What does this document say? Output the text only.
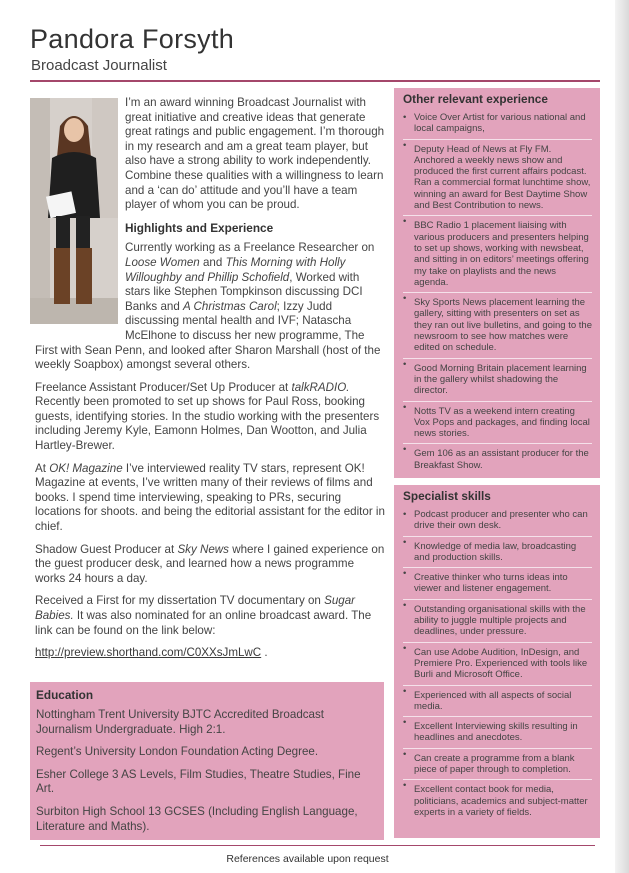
Pandora Forsyth
Broadcast Journalist

I’m an award winning Broadcast Journalist with great initiative and creative ideas that generate great ratings and public engagement. I’m thorough in my research and am a great team player, but also have a strong ability to work independently. Combine these qualities with a willingness to learn and a ‘can do’ attitude and you’ll have a team player of whom you can be proud.

Highlights and Experience

Currently working as a Freelance Researcher on Loose Women and This Morning with Holly Willoughby and Phillip Schofield, Worked with stars like Stephen Tompkinson discussing DCI Banks and A Christmas Carol; Izzy Judd discussing mental health and IVF; Natascha McElhone to discuss her new programme, The First with Sean Penn, and looked after Sharon Marshall (host of the weekly Soapbox) amongst several others.

Freelance Assistant Producer/Set Up Producer at talkRADIO. Recently been promoted to set up shows for Paul Ross, booking guests, identifying stories. In the studio working with the presenters including Jeremy Kyle, Eamonn Holmes, Dan Wootton, and Julia Hartley-Brewer.

At OK! Magazine I’ve interviewed reality TV stars, represent OK! Magazine at events, I’ve written many of their reviews of films and books. I spend time interviewing, speaking to PRs, securing locations for shoots. and being the editorial assistant for the editor in chief.

Shadow Guest Producer at Sky News where I gained experience on the guest producer desk, and learned how a news programme works 24 hours a day.

Received a First for my dissertation TV documentary on Sugar Babies. It was also nominated for an online broadcast award. The link can be found on the link below:

http://preview.shorthand.com/C0XXsJmLwC .

Education

Nottingham Trent University BJTC Accredited Broadcast Journalism Undergraduate. High 2:1.

Regent’s University London Foundation Acting Degree.

Esher College 3 AS Levels, Film Studies, Theatre Studies, Fine Art.

Surbiton High School 13 GCSES (Including English Language, Literature and Maths).

Other relevant experience
• Voice Over Artist for various national and local campaigns,
• Deputy Head of News at Fly FM. Anchored a weekly news show and produced the first current affairs podcast. Ran a commercial format lunchtime show, winning an award for Best Daytime Show and Best Contribution to news.
• BBC Radio 1 placement liaising with various producers and presenters helping to set up shows, working with newsbeat, and sitting in on editors’ meetings offering my take on playlists and the news agenda.
• Sky Sports News placement learning the gallery, sitting with presenters on set as they ran out live bulletins, and going to the newsroom to see how matches were edited on schedule.
• Good Morning Britain placement learning in the gallery whilst shadowing the director.
• Notts TV as a weekend intern creating Vox Pops and packages, and finding local news stories.
• Gem 106 as an assistant producer for the Breakfast Show.
Specialist skills
• Podcast producer and presenter who can drive their own desk.
• Knowledge of media law, broadcasting and production skills.
• Creative thinker who turns ideas into viewer and listener engagement.
• Outstanding organisational skills with the ability to juggle multiple projects and deadlines, under pressure.
• Can use Adobe Audition, InDesign, and Premiere Pro. Experienced with tools like Burli and Microsoft Office.
• Experienced with all aspects of social media.
• Excellent Interviewing skills resulting in headlines and anecdotes.
• Can create a programme from a blank piece of paper through to completion.
• Excellent contact book for media, politicians, academics and subject-matter experts in a variety of fields.
References available upon request
